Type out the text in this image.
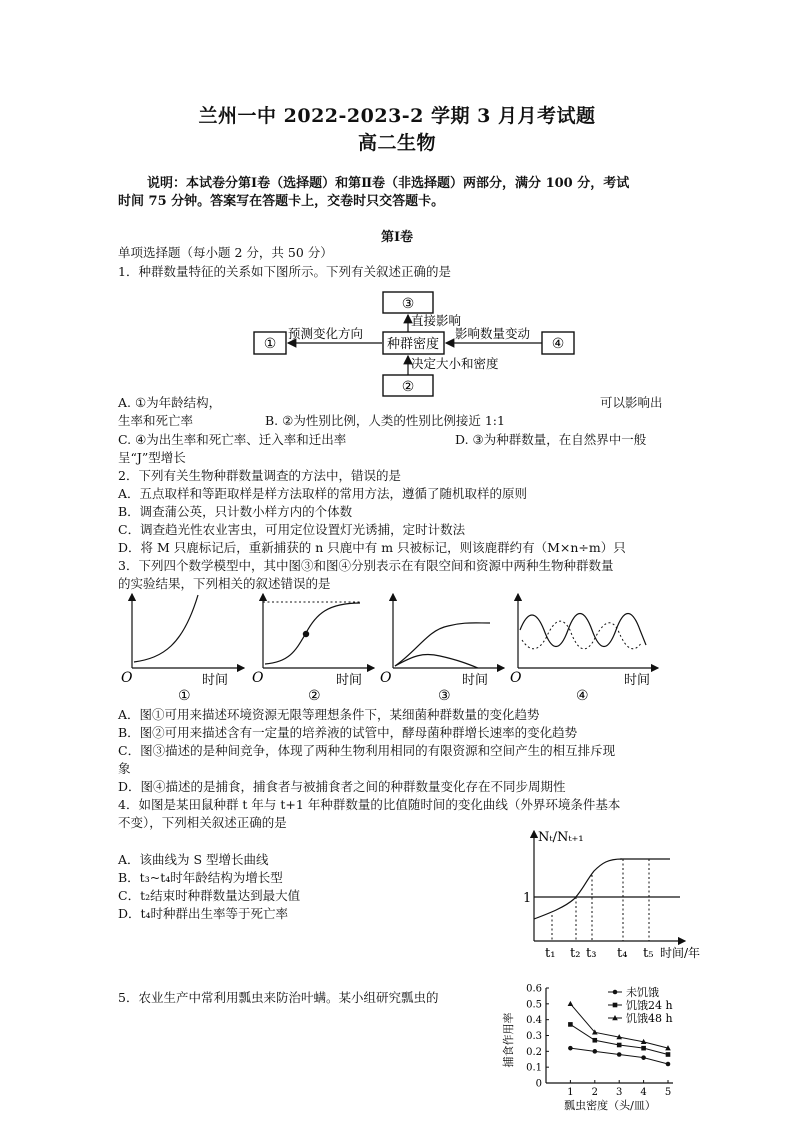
兰州一中 2022-2023-2 学期 3 月月考试题
高二生物
说明：本试卷分第Ⅰ卷（选择题）和第Ⅱ卷（非选择题）两部分，满分 100 分，考试
时间 75 分钟。答案写在答题卡上，交卷时只交答题卡。
第Ⅰ卷
单项选择题（每小题 2 分，共 50 分）
1．种群数量特征的关系如下图所示。下列有关叙述正确的是
③
种群密度
②
①	④
预测变化方向
直接影响
影响数量变动
决定大小和密度
A. ①为年龄结构，	可以影响出
生率和死亡率	B. ②为性别比例，人类的性别比例接近 1:1
C. ④为出生率和死亡率、迁入率和迁出率	D. ③为种群数量，在自然界中一般
呈“J”型增长
2．下列有关生物种群数量调查的方法中，错误的是
A．五点取样和等距取样是样方法取样的常用方法，遵循了随机取样的原则
B．调查蒲公英，只计数小样方内的个体数
C．调查趋光性农业害虫，可用定位设置灯光诱捕，定时计数法
D．将 M 只鹿标记后，重新捕获的 n 只鹿中有 m 只被标记，则该鹿群约有（M×n÷m）只
3．下列四个数学模型中，其中图③和图④分别表示在有限空间和资源中两种生物种群数量
的实验结果，下列相关的叙述错误的是
O	时间
①
O	时间
②
O	时间
③
O	时间
④
A．图①可用来描述环境资源无限等理想条件下，某细菌种群数量的变化趋势
B．图②可用来描述含有一定量的培养液的试管中，酵母菌种群增长速率的变化趋势
C．图③描述的是种间竞争，体现了两种生物利用相同的有限资源和空间产生的相互排斥现
象
D．图④描述的是捕食，捕食者与被捕食者之间的种群数量变化存在不同步周期性
4．如图是某田鼠种群 t 年与 t+1 年种群数量的比值随时间的变化曲线（外界环境条件基本
不变），下列相关叙述正确的是
A．该曲线为 S 型增长曲线
B．t₃~t₄时年龄结构为增长型
C．t₂结束时种群数量达到最大值
D．t₄时种群出生率等于死亡率
Nₜ/Nₜ₊₁
1
t₁ t₂ t₃ t₄ t₅ 时间/年
5．农业生产中常利用瓢虫来防治叶螨。某小组研究瓢虫的
捕食作用率
0
0.1
0.2
0.3
0.4
0.5
0.6
1 2 3 4 5
未饥饿
饥饿24 h
饥饿48 h
瓢虫密度（头/皿）
